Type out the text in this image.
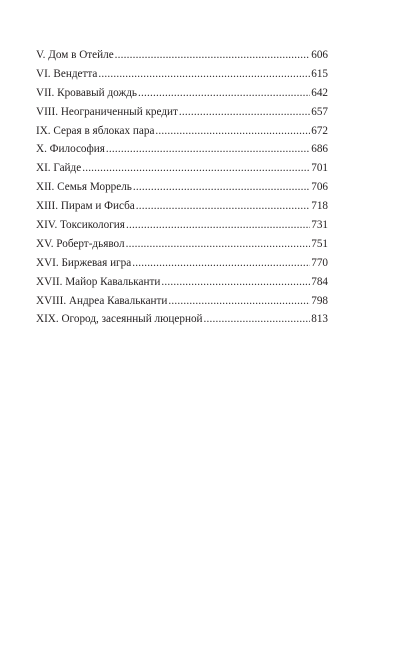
V. Дом в Отейле . . .	606
VI. Вендетта . . .	615
VII. Кровавый дождь . . .	642
VIII. Неограниченный кредит . . .	657
IX. Серая в яблоках пара . . .	672
X. Философия . . .	686
XI. Гайде . . .	701
XII. Семья Моррель . . .	706
XIII. Пирам и Фисба . . .	718
XIV. Токсикология . . .	731
XV. Роберт-дьявол . . .	751
XVI. Биржевая игра . . .	770
XVII. Майор Кавальканти . . .	784
XVIII. Андреа Кавальканти . . .	798
XIX. Огород, засеянный люцерной . . .	813
